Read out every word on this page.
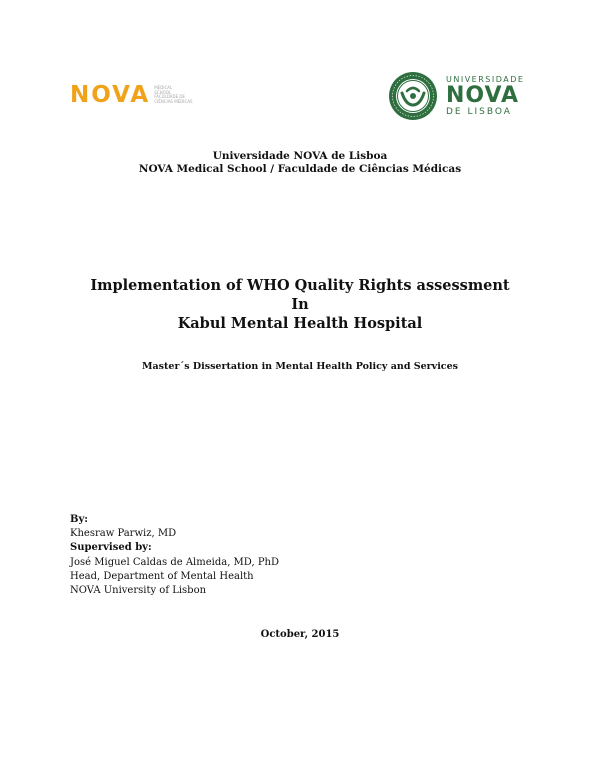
NOVA MEDICAL
SCHOOL
FACULDADE DE
CIÊNCIAS MÉDICAS
UNIVERSIDADE
NOVA
DE LISBOA
Universidade NOVA de Lisboa
NOVA Medical School / Faculdade de Ciências Médicas
Implementation of WHO Quality Rights assessment
In
Kabul Mental Health Hospital
Master´s Dissertation in Mental Health Policy and Services
By:
Khesraw Parwiz, MD
Supervised by:
José Miguel Caldas de Almeida, MD, PhD
Head, Department of Mental Health
NOVA University of Lisbon
October, 2015
